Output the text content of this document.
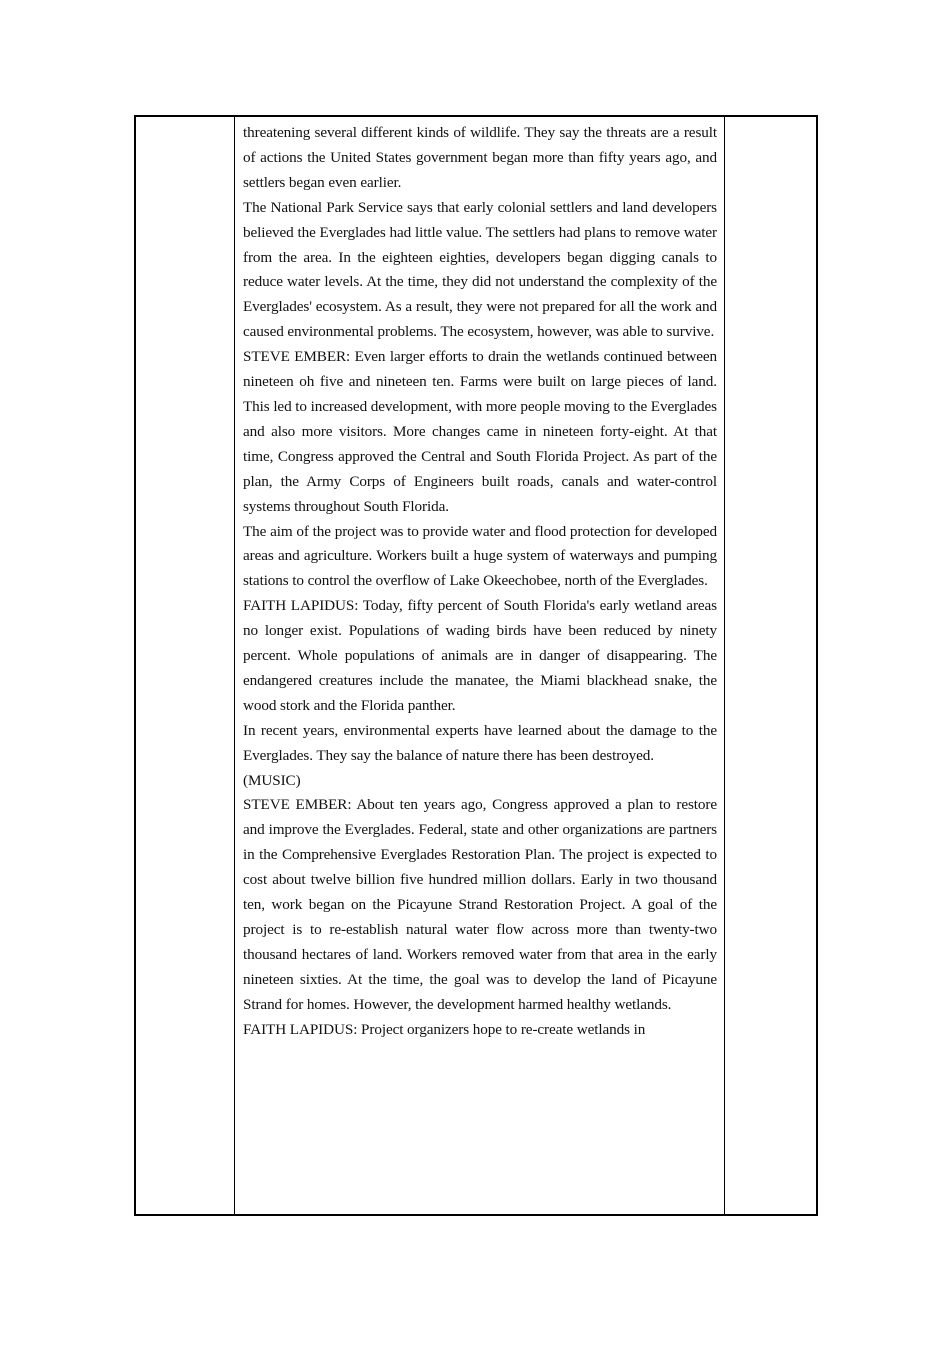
threatening several different kinds of wildlife. They say the threats are a result of actions the United States government began more than fifty years ago, and settlers began even earlier.

The National Park Service says that early colonial settlers and land developers believed the Everglades had little value. The settlers had plans to remove water from the area. In the eighteen eighties, developers began digging canals to reduce water levels. At the time, they did not understand the complexity of the Everglades' ecosystem. As a result, they were not prepared for all the work and caused environmental problems. The ecosystem, however, was able to survive.

STEVE EMBER: Even larger efforts to drain the wetlands continued between nineteen oh five and nineteen ten. Farms were built on large pieces of land. This led to increased development, with more people moving to the Everglades and also more visitors. More changes came in nineteen forty-eight. At that time, Congress approved the Central and South Florida Project. As part of the plan, the Army Corps of Engineers built roads, canals and water-control systems throughout South Florida.

The aim of the project was to provide water and flood protection for developed areas and agriculture. Workers built a huge system of waterways and pumping stations to control the overflow of Lake Okeechobee, north of the Everglades.

FAITH LAPIDUS: Today, fifty percent of South Florida's early wetland areas no longer exist. Populations of wading birds have been reduced by ninety percent. Whole populations of animals are in danger of disappearing. The endangered creatures include the manatee, the Miami blackhead snake, the wood stork and the Florida panther.

In recent years, environmental experts have learned about the damage to the Everglades. They say the balance of nature there has been destroyed.

(MUSIC)

STEVE EMBER: About ten years ago, Congress approved a plan to restore and improve the Everglades. Federal, state and other organizations are partners in the Comprehensive Everglades Restoration Plan. The project is expected to cost about twelve billion five hundred million dollars. Early in two thousand ten, work began on the Picayune Strand Restoration Project. A goal of the project is to re-establish natural water flow across more than twenty-two thousand hectares of land. Workers removed water from that area in the early nineteen sixties. At the time, the goal was to develop the land of Picayune Strand for homes. However, the development harmed healthy wetlands.

FAITH LAPIDUS: Project organizers hope to re-create wetlands in
